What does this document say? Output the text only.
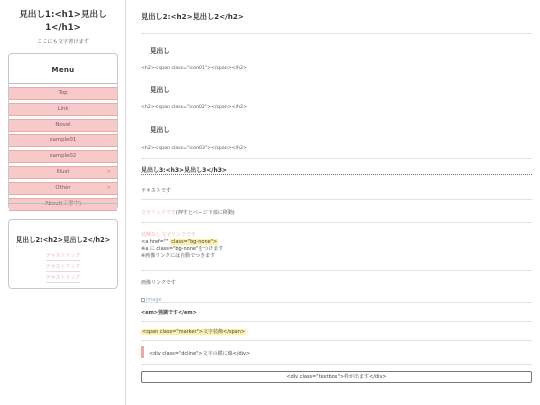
見出し1:<h1>見出し
1</h1>
ここにも文字書けます
Menu
Top
Link
Novel
sample01
sample02
Illust	>
Other	>
About(工事中)
見出し2:<h2>見出し2</h2>
テキストリンク
テキストリンク
テキストリンク
見出し2:<h2>見出し2</h2>
見出し
<h2><span class="icon01"></span></h2>
見出し
<h2><span class="icon02"></span></h2>
見出し
<h2><span class="icon03"></span></h2>
見出し3:<h3>見出し3</h3>
テキストです
文字リンクです(押すとページ下部に移動)
装飾なし文字リンクです
<a href="" class="bg-none">
※a に class="bg-none"をつけます
※画像リンクには自動でつきます
画像リンクです
image
<em>強調です</em>
<span class="marker">文字装飾</span>
<div class="dcline">文字の横に線</div>
<div class="textbox">枠が出ます</div>
